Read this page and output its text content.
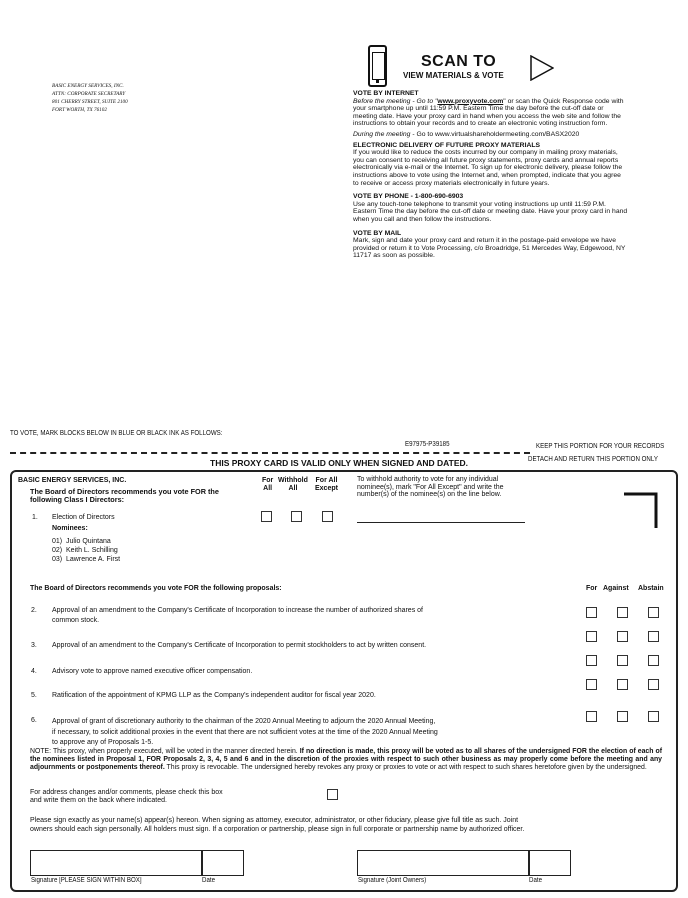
BASIC ENERGY SERVICES, INC.
ATTN: CORPORATE SECRETARY
801 CHERRY STREET, SUITE 2100
FORT WORTH, TX 76102
SCAN TO
VIEW MATERIALS & VOTE

VOTE BY INTERNET
Before the meeting - Go to "www.proxyvote.com" or scan the Quick Response code with your smartphone up until 11:59 P.M. Eastern Time the day before the cut-off date or meeting date. Have your proxy card in hand when you access the web site and follow the instructions to obtain your records and to create an electronic voting instruction form.

During the meeting - Go to www.virtualshareholdermeeting.com/BASX2020

ELECTRONIC DELIVERY OF FUTURE PROXY MATERIALS
If you would like to reduce the costs incurred by our company in mailing proxy materials, you can consent to receiving all future proxy statements, proxy cards and annual reports electronically via e-mail or the Internet. To sign up for electronic delivery, please follow the instructions above to vote using the Internet and, when prompted, indicate that you agree to receive or access proxy materials electronically in future years.

VOTE BY PHONE - 1-800-690-6903
Use any touch-tone telephone to transmit your voting instructions up until 11:59 P.M. Eastern Time the day before the cut-off date or meeting date. Have your proxy card in hand when you call and then follow the instructions.

VOTE BY MAIL
Mark, sign and date your proxy card and return it in the postage-paid envelope we have provided or return it to Vote Processing, c/o Broadridge, 51 Mercedes Way, Edgewood, NY 11717 as soon as possible.

TO VOTE, MARK BLOCKS BELOW IN BLUE OR BLACK INK AS FOLLOWS:
E97975-P39185	KEEP THIS PORTION FOR YOUR RECORDS
DETACH AND RETURN THIS PORTION ONLY
THIS PROXY CARD IS VALID ONLY WHEN SIGNED AND DATED.
BASIC ENERGY SERVICES, INC.
The Board of Directors recommends you vote FOR the following Class I Directors:
For
All
Withhold
All
For All
Except
To withhold authority to vote for any individual nominee(s), mark "For All Except" and write the number(s) of the nominee(s) on the line below.
1. Election of Directors
Nominees:
01) Julio Quintana
02) Keith L. Schilling
03) Lawrence A. First
The Board of Directors recommends you vote FOR the following proposals:	For Against Abstain
2. Approval of an amendment to the Company's Certificate of Incorporation to increase the number of authorized shares of
common stock.
3. Approval of an amendment to the Company's Certificate of Incorporation to permit stockholders to act by written consent.
4. Advisory vote to approve named executive officer compensation.
5. Ratification of the appointment of KPMG LLP as the Company's independent auditor for fiscal year 2020.
6. Approval of grant of discretionary authority to the chairman of the 2020 Annual Meeting to adjourn the 2020 Annual Meeting,
if necessary, to solicit additional proxies in the event that there are not sufficient votes at the time of the 2020 Annual Meeting
to approve any of Proposals 1-5.
NOTE: This proxy, when properly executed, will be voted in the manner directed herein. If no direction is made, this proxy will be voted as to all shares of the undersigned FOR the election of each of the nominees listed in Proposal 1, FOR Proposals 2, 3, 4, 5 and 6 and in the discretion of the proxies with respect to such other business as may properly come before the meeting and any adjournments or postponements thereof. This proxy is revocable. The undersigned hereby revokes any proxy or proxies to vote or act with respect to such shares heretofore given by the undersigned.
For address changes and/or comments, please check this box
and write them on the back where indicated.
Please sign exactly as your name(s) appear(s) hereon. When signing as attorney, executor, administrator, or other fiduciary, please give full title as such. Joint
owners should each sign personally. All holders must sign. If a corporation or partnership, please sign in full corporate or partnership name by authorized officer.
Signature [PLEASE SIGN WITHIN BOX]	Date	Signature (Joint Owners)	Date
